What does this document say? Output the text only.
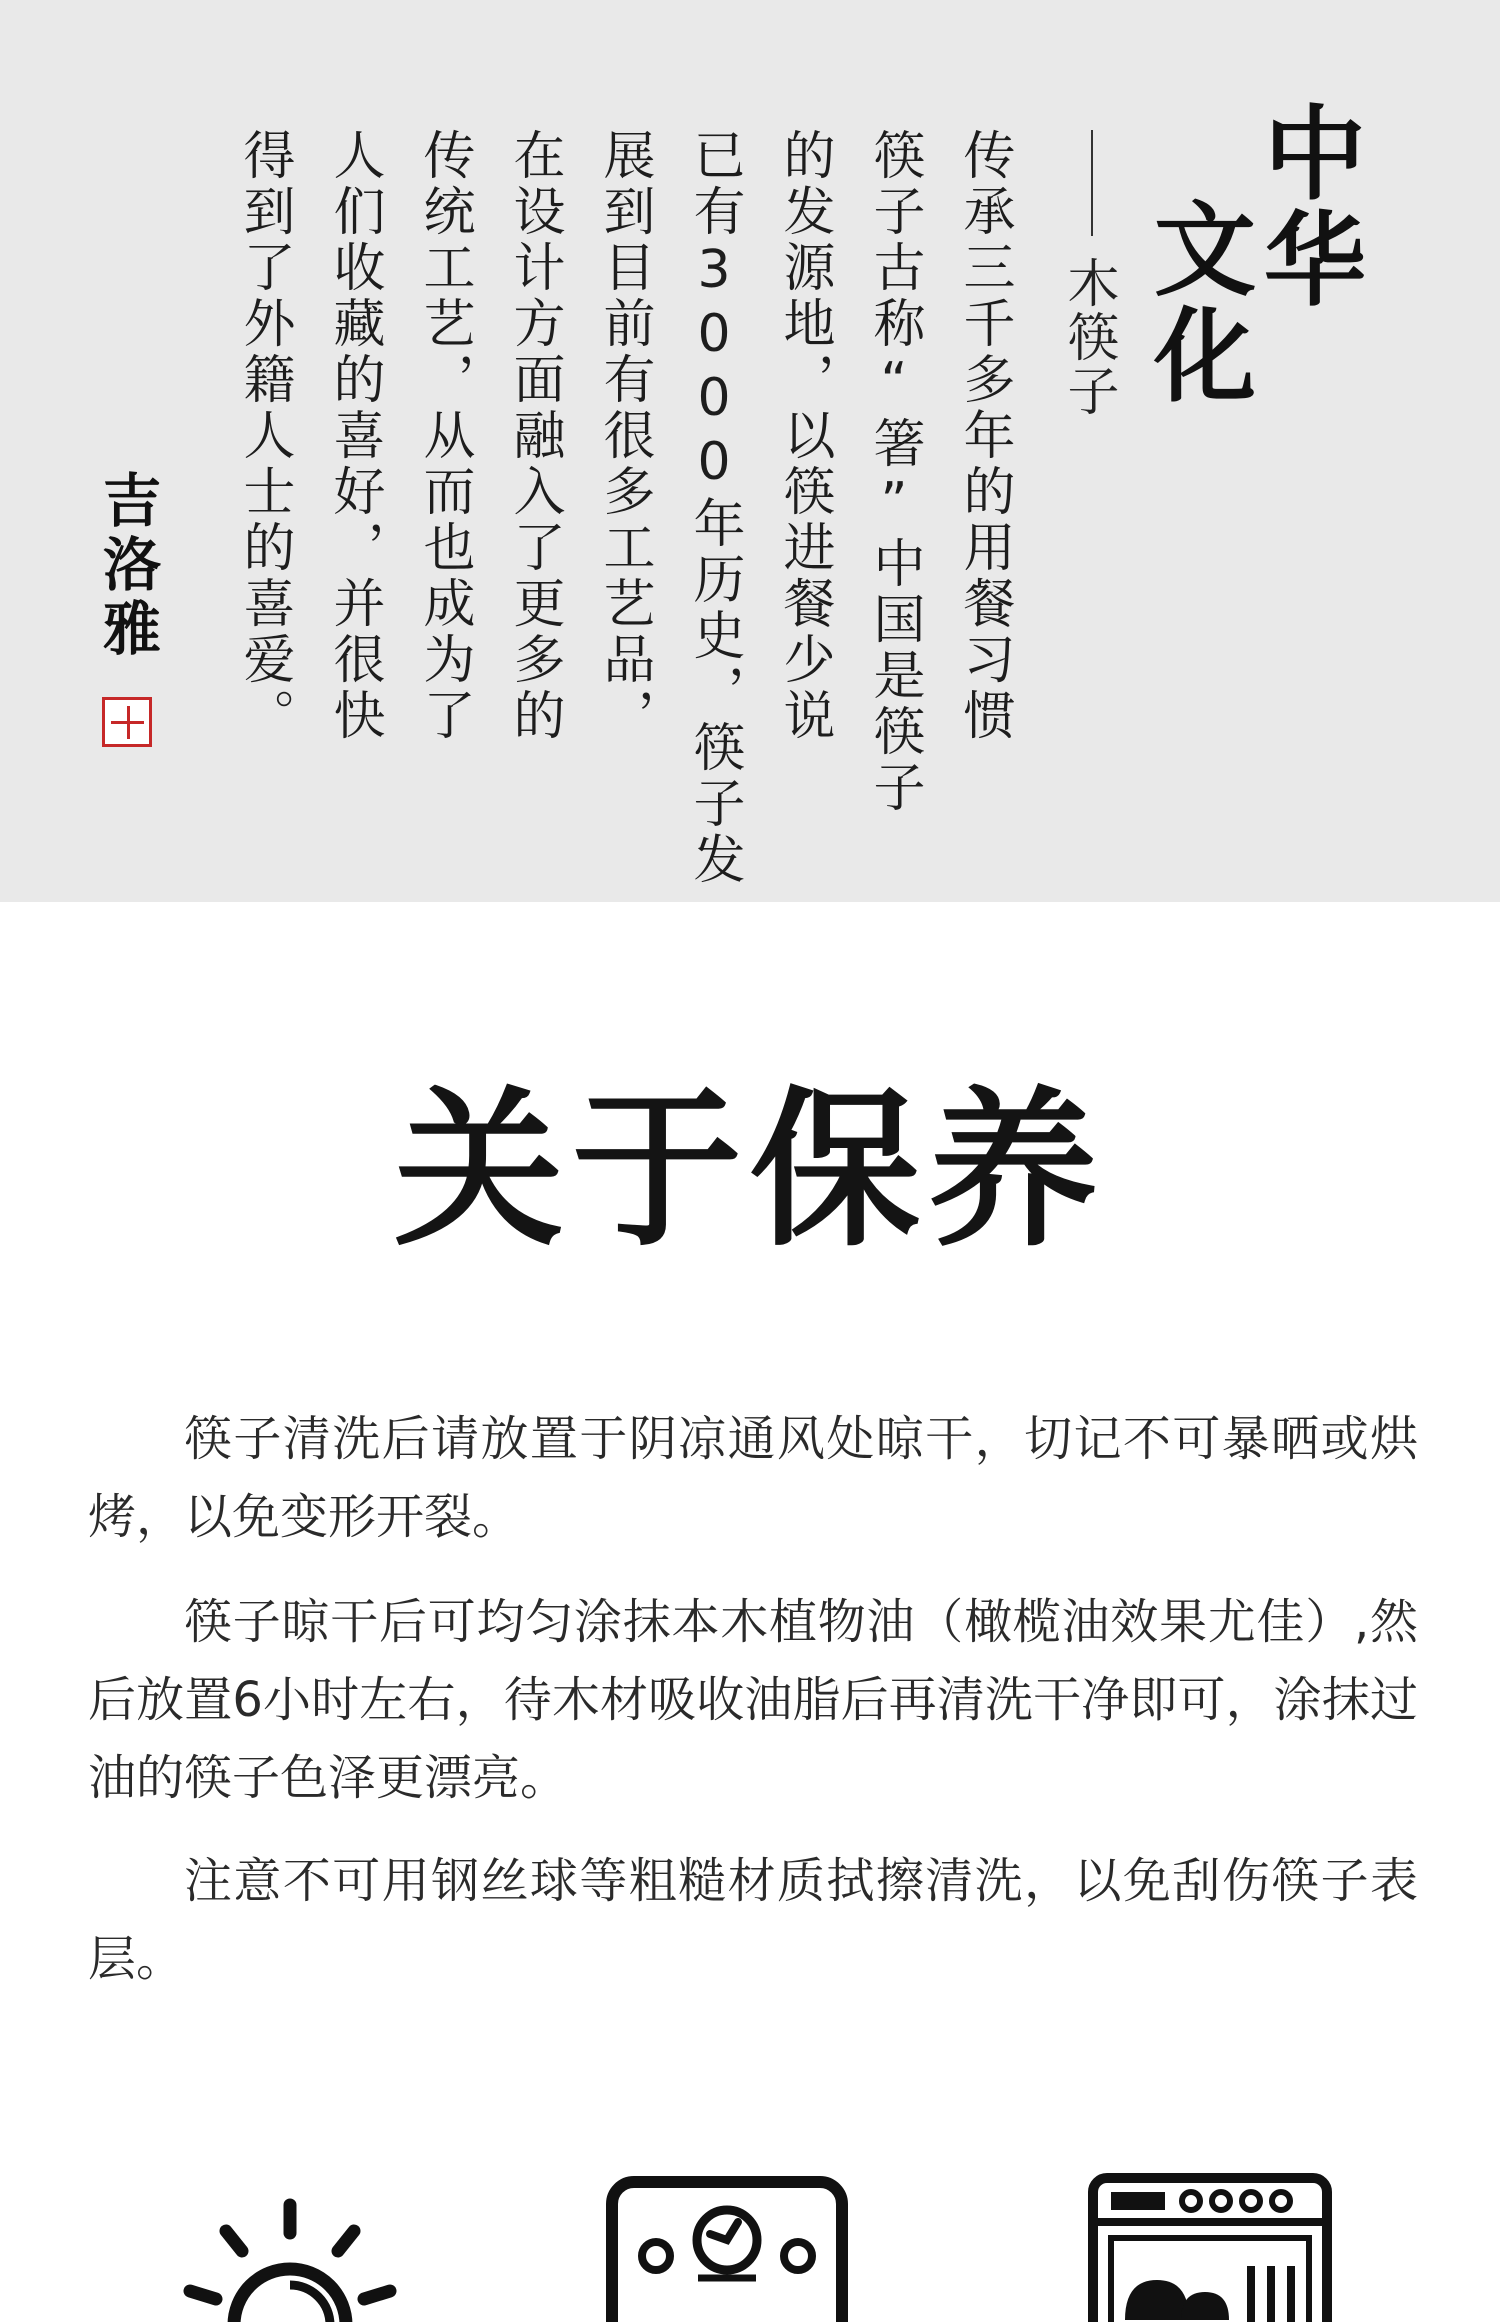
中华
文化
木筷子
传承三千多年的用餐习惯
筷子古称“箸”中国是筷子
的发源地，以筷进餐少说
已有3000年历史，筷子发
展到目前有很多工艺品，
在设计方面融入了更多的
传统工艺，从而也成为了
人们收藏的喜好，并很快
得到了外籍人士的喜爱。
吉洛雅
关于保养

筷子清洗后请放置于阴凉通风处晾干，切记不可暴晒或烘烤，以免变形开裂。

筷子晾干后可均匀涂抹本木植物油（橄榄油效果尤佳）,然后放置6小时左右，待木材吸收油脂后再清洗干净即可，涂抹过油的筷子色泽更漂亮。

注意不可用钢丝球等粗糙材质拭擦清洗，以免刮伤筷子表层。
